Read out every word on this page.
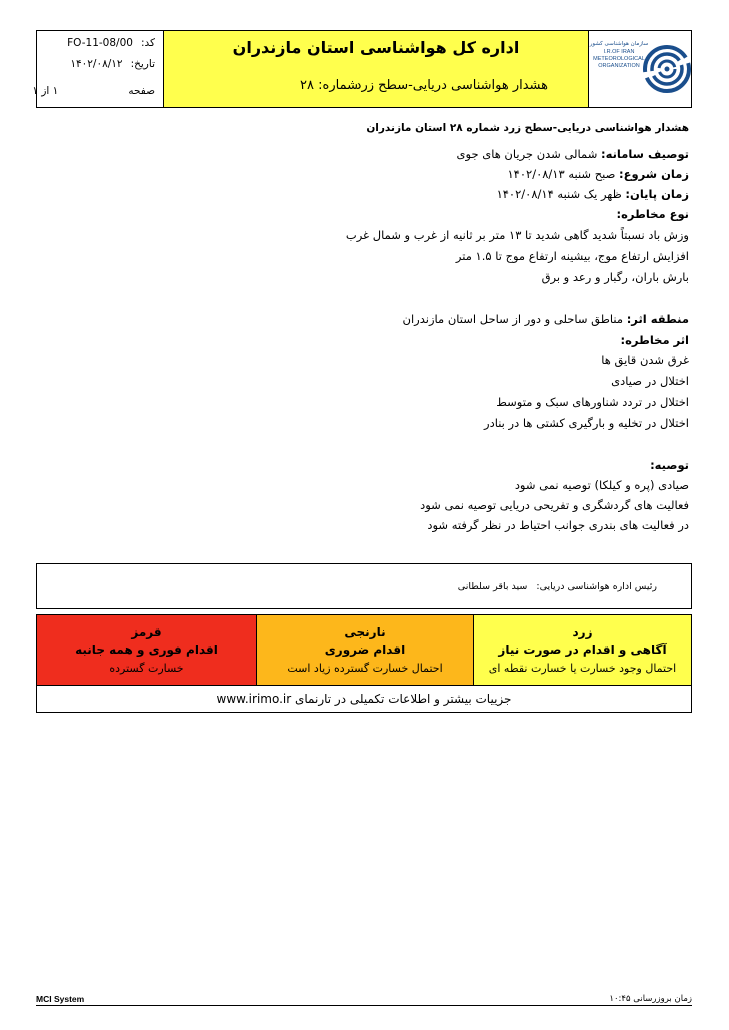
کد:FO-11-08/00
تاریخ:۱۴۰۲/۰۸/۱۲
صفحه
۱ از ۱
اداره کل هواشناسی استان مازندران
هشدار هواشناسی دریایی-سطح زرد
شماره: ۲۸
سازمان هواشناسی کشور
I.R.OF IRAN
METEOROLOGICAL
ORGANIZATION
هشدار هواشناسی دریایی-سطح زرد شماره ۲۸ استان مازندران
توصیف سامانه: شمالی شدن جریان های جوی
زمان شروع: صبح شنبه ۱۴۰۲/۰۸/۱۳
زمان پایان: ظهر یک شنبه ۱۴۰۲/۰۸/۱۴
نوع مخاطره:
وزش باد نسبتاً شدید گاهی شدید تا ۱۳ متر بر ثانیه از غرب و شمال غرب
افزایش ارتفاع موج، بیشینه ارتفاع موج تا ۱.۵ متر
بارش باران، رگبار و رعد و برق
منطقه اثر: مناطق ساحلی و دور از ساحل استان مازندران
اثر مخاطره:
غرق شدن قایق ها
اختلال در صیادی
اختلال در تردد شناورهای سبک و متوسط
اختلال در تخلیه و بارگیری کشتی ها در بنادر
توصیه:
صیادی (پره و کیلکا) توصیه نمی شود
فعالیت های گردشگری و تفریحی دریایی توصیه نمی شود
در فعالیت های بندری جوانب احتیاط در نظر گرفته شود
رئیس اداره هواشناسی دریایی:   سید باقر سلطانی
قرمز
اقدام فوری و همه جانبه
خسارت گسترده
نارنجی
اقدام ضروری
احتمال خسارت گسترده زیاد است
زرد
آگاهی و اقدام در صورت نیاز
احتمال وجود خسارت یا خسارت نقطه ای
جزییات بیشتر و اطلاعات تکمیلی در تارنمای www.irimo.ir
MCI System	زمان بروزرسانی ۱۰:۴۵
